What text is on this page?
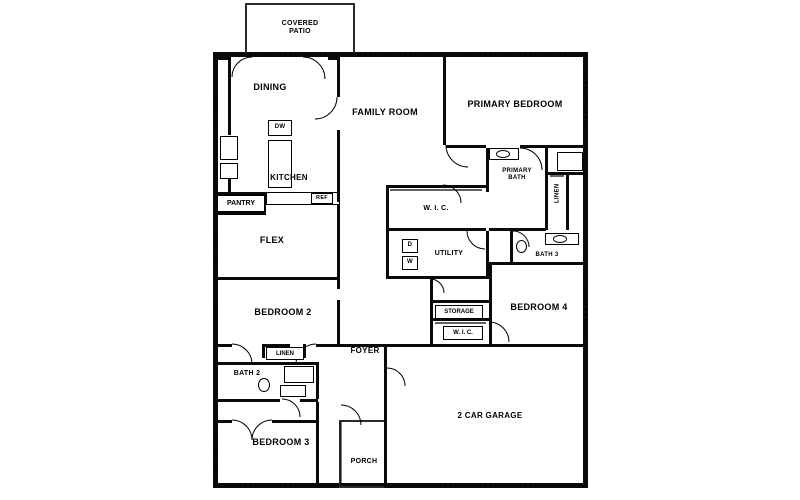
COVERED
PATIO
DINING
FAMILY ROOM
PRIMARY BEDROOM
KITCHEN
PANTRY
PRIMARY
BATH
LINEN
W. I. C.
FLEX
UTILITY	BATH 3
BEDROOM 2	STORAGE
W. I. C.
BEDROOM 4
FOYER
LINEN
BATH 2
BEDROOM 3
2 CAR GARAGE
PORCH
DW
REF
D
W
